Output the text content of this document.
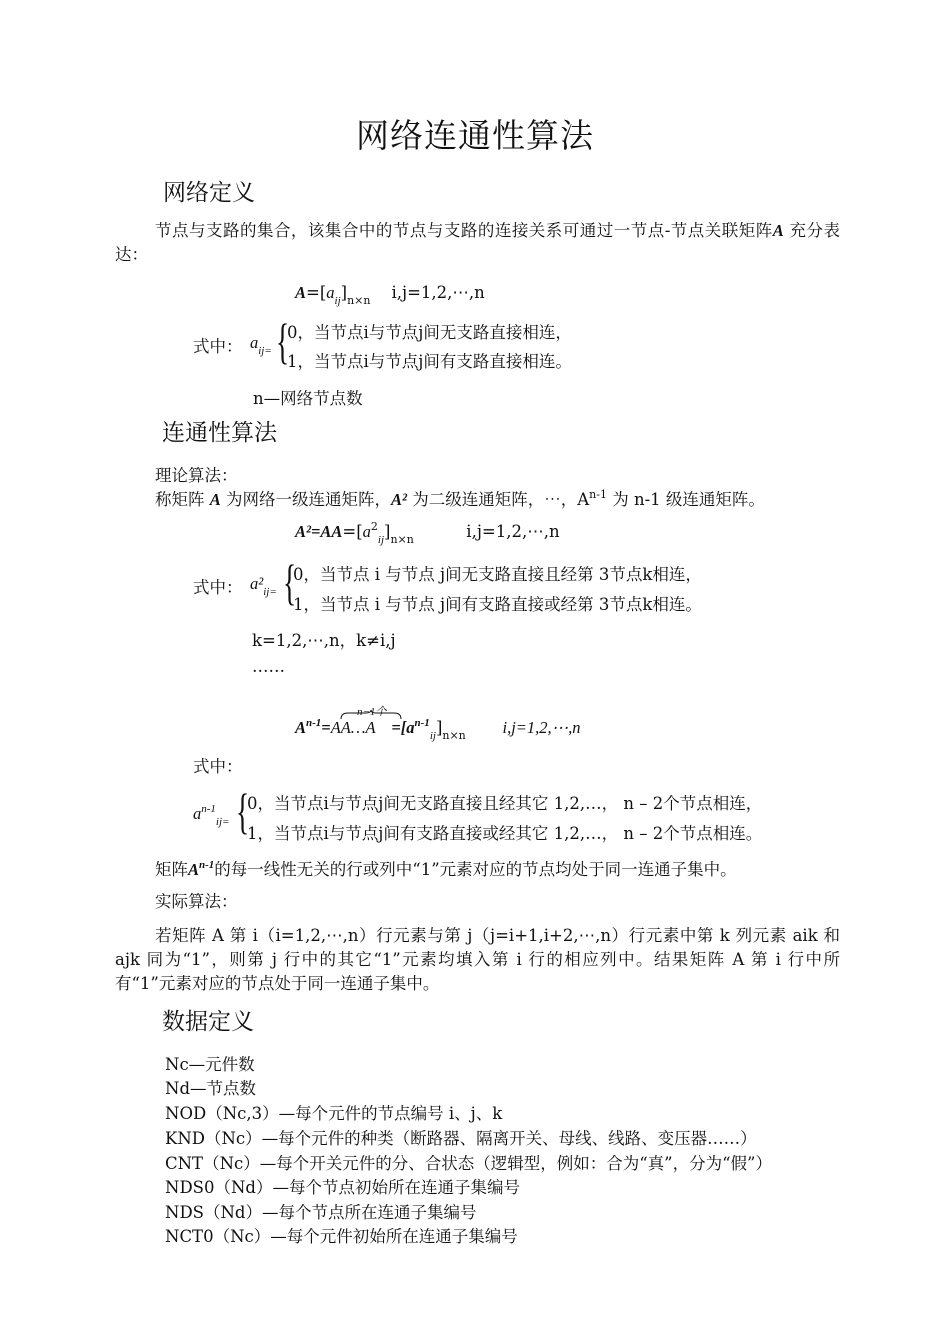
网络连通性算法
网络定义
节点与支路的集合，该集合中的节点与支路的连接关系可通过一节点-节点关联矩阵A 充分表达：
$A=[a_{ij}]_{n\times n}$ i,j=1,2,⋯,n
式中： $a_{ij=}$ {
0，当节点i与节点j间无支路直接相连，
1，当节点i与节点j间有支路直接相连。
n—网络节点数
连通性算法
理论算法：
称矩阵 A 为网络一级连通矩阵，A² 为二级连通矩阵，⋯，$A^{n-1}$ 为 n-1 级连通矩阵。
$A^2=AA=[a^2_{ij}]_{n\times n}$	i,j=1,2,⋯,n
式中： $a^2_{ij=}$ {
0，当节点 i 与节点 j间无支路直接且经第 3节点k相连，
1，当节点 i 与节点 j间有支路直接或经第 3节点k相连。
k=1,2,⋯,n，k≠i,j
……
n−1个
$A^{n-1}=AA\dots A =[a^{n-1}_{ij}]_{n\times n}$ i,j=1,2,⋯,n
式中：
$a^{n-1}_{ij=}$ {
0，当节点i与节点j间无支路直接且经其它 1,2,…， n – 2个节点相连，
1，当节点i与节点j间有支路直接或经其它 1,2,…， n – 2个节点相连。
矩阵$A^{n-1}$的每一线性无关的行或列中“1”元素对应的节点均处于同一连通子集中。
实际算法：
若矩阵 A 第 i（i=1,2,⋯,n）行元素与第 j（j=i+1,i+2,⋯,n）行元素中第 k 列元素 aik 和 ajk 同为“1”，则第 j 行中的其它“1”元素均填入第 i 行的相应列中。结果矩阵 A 第 i 行中所有“1”元素对应的节点处于同一连通子集中。
数据定义
Nc—元件数
Nd—节点数
NOD（Nc,3）—每个元件的节点编号 i、j、k
KND（Nc）—每个元件的种类（断路器、隔离开关、母线、线路、变压器……）
CNT（Nc）—每个开关元件的分、合状态（逻辑型，例如：合为“真”，分为“假”）
NDS0（Nd）—每个节点初始所在连通子集编号
NDS（Nd）—每个节点所在连通子集编号
NCT0（Nc）—每个元件初始所在连通子集编号
